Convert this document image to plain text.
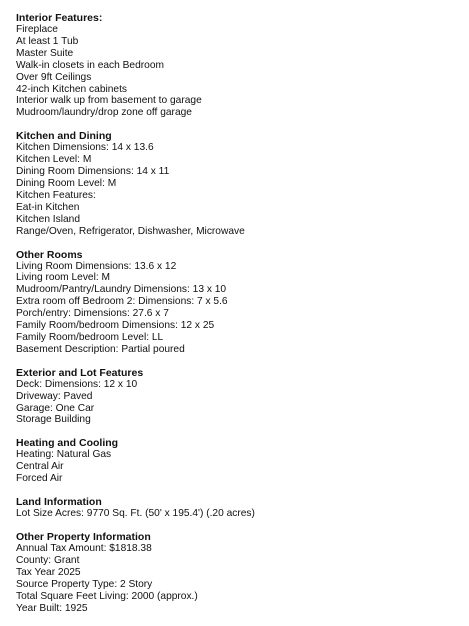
Interior Features:
Fireplace
At least 1 Tub
Master Suite
Walk-in closets in each Bedroom
Over 9ft Ceilings
42-inch Kitchen cabinets
Interior walk up from basement to garage
Mudroom/laundry/drop zone off garage
Kitchen and Dining
Kitchen Dimensions: 14 x 13.6
Kitchen Level: M
Dining Room Dimensions: 14 x 11
Dining Room Level: M
Kitchen Features:
Eat-in Kitchen
Kitchen Island
Range/Oven, Refrigerator, Dishwasher, Microwave
Other Rooms
Living Room Dimensions: 13.6 x 12
Living room Level: M
Mudroom/Pantry/Laundry Dimensions: 13 x 10
Extra room off Bedroom 2: Dimensions: 7 x 5.6
Porch/entry: Dimensions: 27.6 x 7
Family Room/bedroom Dimensions: 12 x 25
Family Room/bedroom Level: LL
Basement Description: Partial poured
Exterior and Lot Features
Deck: Dimensions: 12 x 10
Driveway: Paved
Garage: One Car
Storage Building
Heating and Cooling
Heating: Natural Gas
Central Air
Forced Air
Land Information
Lot Size Acres: 9770 Sq. Ft. (50' x 195.4') (.20 acres)
Other Property Information
Annual Tax Amount: $1818.38
County: Grant
Tax Year 2025
Source Property Type: 2 Story
Total Square Feet Living: 2000 (approx.)
Year Built: 1925
